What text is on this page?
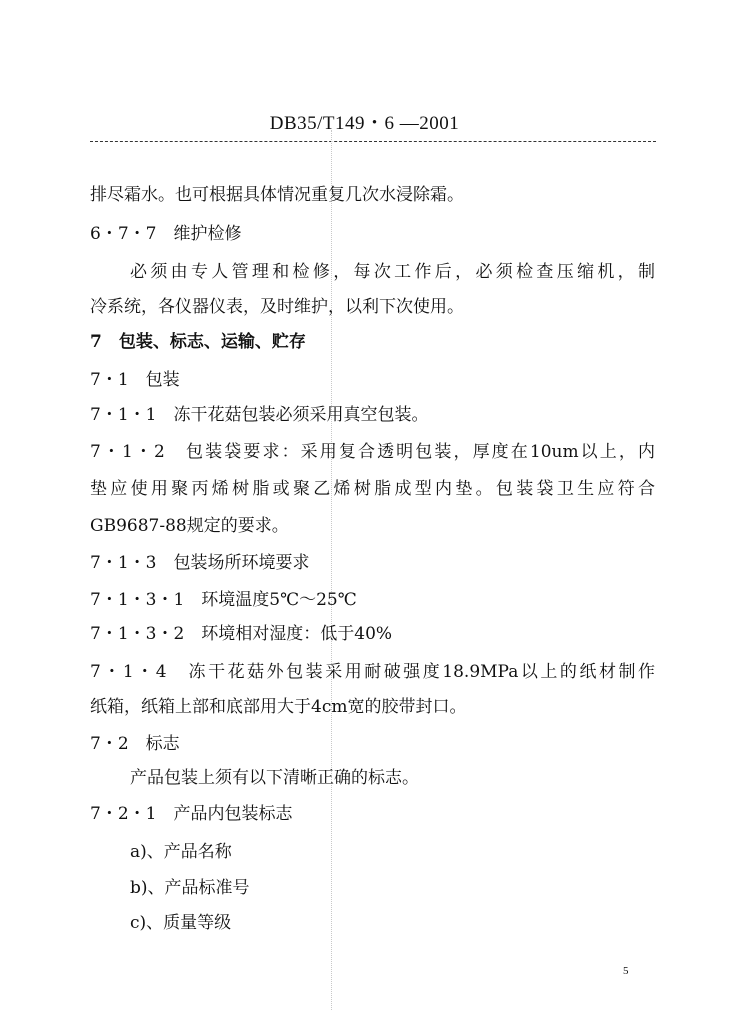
DB35/T149・6 —2001
排尽霜水。也可根据具体情况重复几次水浸除霜。
6・7・7　维护检修
必须由专人管理和检修，每次工作后，必须检查压缩机，制
冷系统，各仪器仪表，及时维护，以利下次使用。
7　包装、标志、运输、贮存
7・1　包装
7・1・1　冻干花菇包装必须采用真空包装。
7・1・2　包装袋要求：采用复合透明包装，厚度在10um以上，内
垫应使用聚丙烯树脂或聚乙烯树脂成型内垫。包装袋卫生应符合
GB9687-88规定的要求。
7・1・3　包装场所环境要求
7・1・3・1　环境温度5℃～25℃
7・1・3・2　环境相对湿度：低于40%
7・1・4　冻干花菇外包装采用耐破强度18.9MPa以上的纸材制作
纸箱，纸箱上部和底部用大于4cm宽的胶带封口。
7・2　标志
产品包装上须有以下清晰正确的标志。
7・2・1　产品内包装标志
a)、产品名称
b)、产品标准号
c)、质量等级
5
